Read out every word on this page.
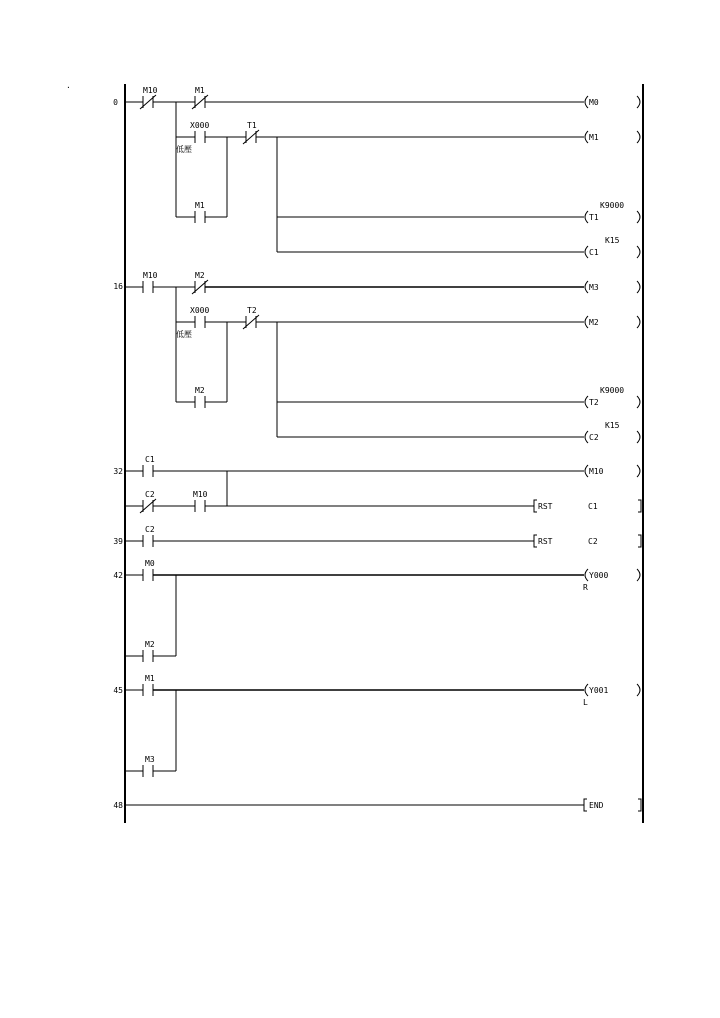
.
0
16
32
39
42
45
48
M10	M1
M0
X000
低壓
T1
M1
M1
T1
K9000
C1
K15
M10	M2
M3
X000
低壓
T2
M2
M2
T2
K9000
C2
K15
C1
M10
C2	M10
RST	C1
C2
RST	C2
M0
Y000
R
M2
M1
Y001
L
M3
END
